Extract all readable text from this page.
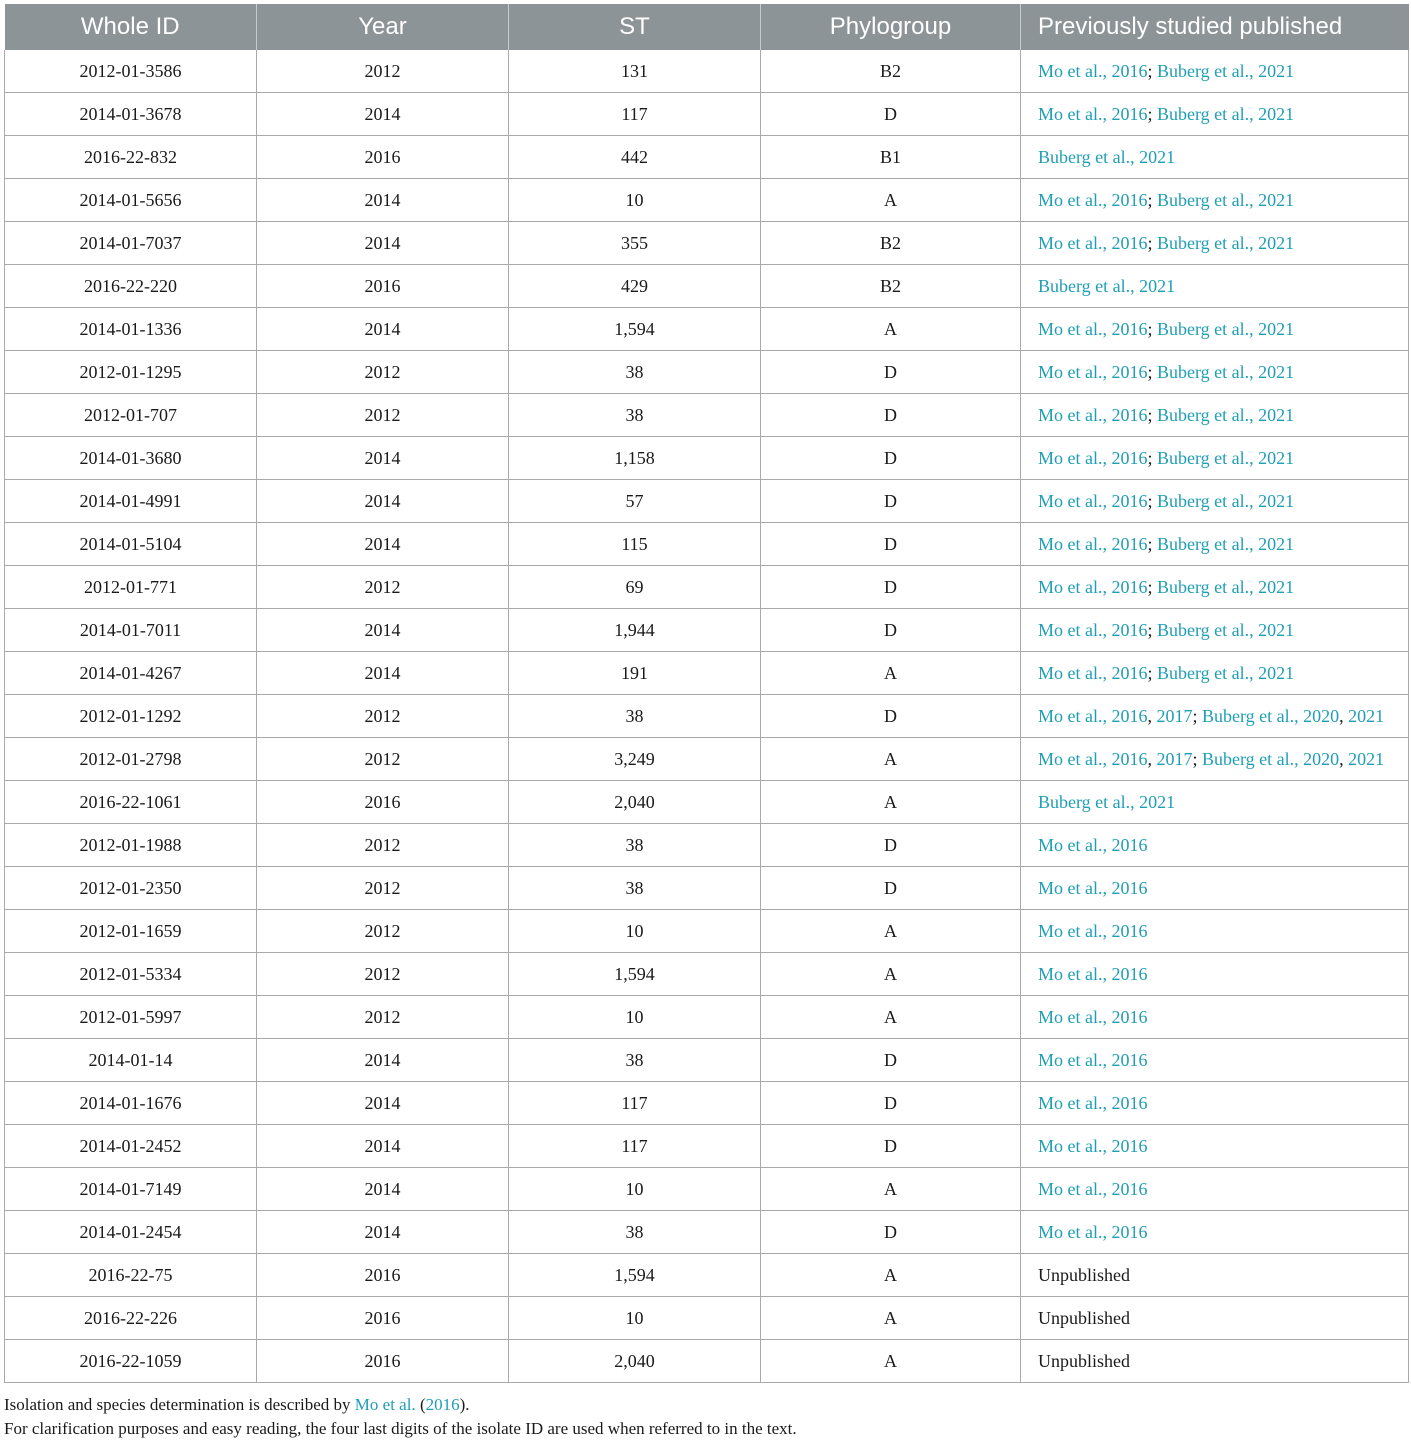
Whole ID	Year	ST	Phylogroup	Previously studied published
2012-01-3586	2012	131	B2	Mo et al., 2016; Buberg et al., 2021
2014-01-3678	2014	117	D	Mo et al., 2016; Buberg et al., 2021
2016-22-832	2016	442	B1	Buberg et al., 2021
2014-01-5656	2014	10	A	Mo et al., 2016; Buberg et al., 2021
2014-01-7037	2014	355	B2	Mo et al., 2016; Buberg et al., 2021
2016-22-220	2016	429	B2	Buberg et al., 2021
2014-01-1336	2014	1,594	A	Mo et al., 2016; Buberg et al., 2021
2012-01-1295	2012	38	D	Mo et al., 2016; Buberg et al., 2021
2012-01-707	2012	38	D	Mo et al., 2016; Buberg et al., 2021
2014-01-3680	2014	1,158	D	Mo et al., 2016; Buberg et al., 2021
2014-01-4991	2014	57	D	Mo et al., 2016; Buberg et al., 2021
2014-01-5104	2014	115	D	Mo et al., 2016; Buberg et al., 2021
2012-01-771	2012	69	D	Mo et al., 2016; Buberg et al., 2021
2014-01-7011	2014	1,944	D	Mo et al., 2016; Buberg et al., 2021
2014-01-4267	2014	191	A	Mo et al., 2016; Buberg et al., 2021
2012-01-1292	2012	38	D	Mo et al., 2016, 2017; Buberg et al., 2020, 2021
2012-01-2798	2012	3,249	A	Mo et al., 2016, 2017; Buberg et al., 2020, 2021
2016-22-1061	2016	2,040	A	Buberg et al., 2021
2012-01-1988	2012	38	D	Mo et al., 2016
2012-01-2350	2012	38	D	Mo et al., 2016
2012-01-1659	2012	10	A	Mo et al., 2016
2012-01-5334	2012	1,594	A	Mo et al., 2016
2012-01-5997	2012	10	A	Mo et al., 2016
2014-01-14	2014	38	D	Mo et al., 2016
2014-01-1676	2014	117	D	Mo et al., 2016
2014-01-2452	2014	117	D	Mo et al., 2016
2014-01-7149	2014	10	A	Mo et al., 2016
2014-01-2454	2014	38	D	Mo et al., 2016
2016-22-75	2016	1,594	A	Unpublished
2016-22-226	2016	10	A	Unpublished
2016-22-1059	2016	2,040	A	Unpublished

Isolation and species determination is described by Mo et al. (2016).

For clarification purposes and easy reading, the four last digits of the isolate ID are used when referred to in the text.
